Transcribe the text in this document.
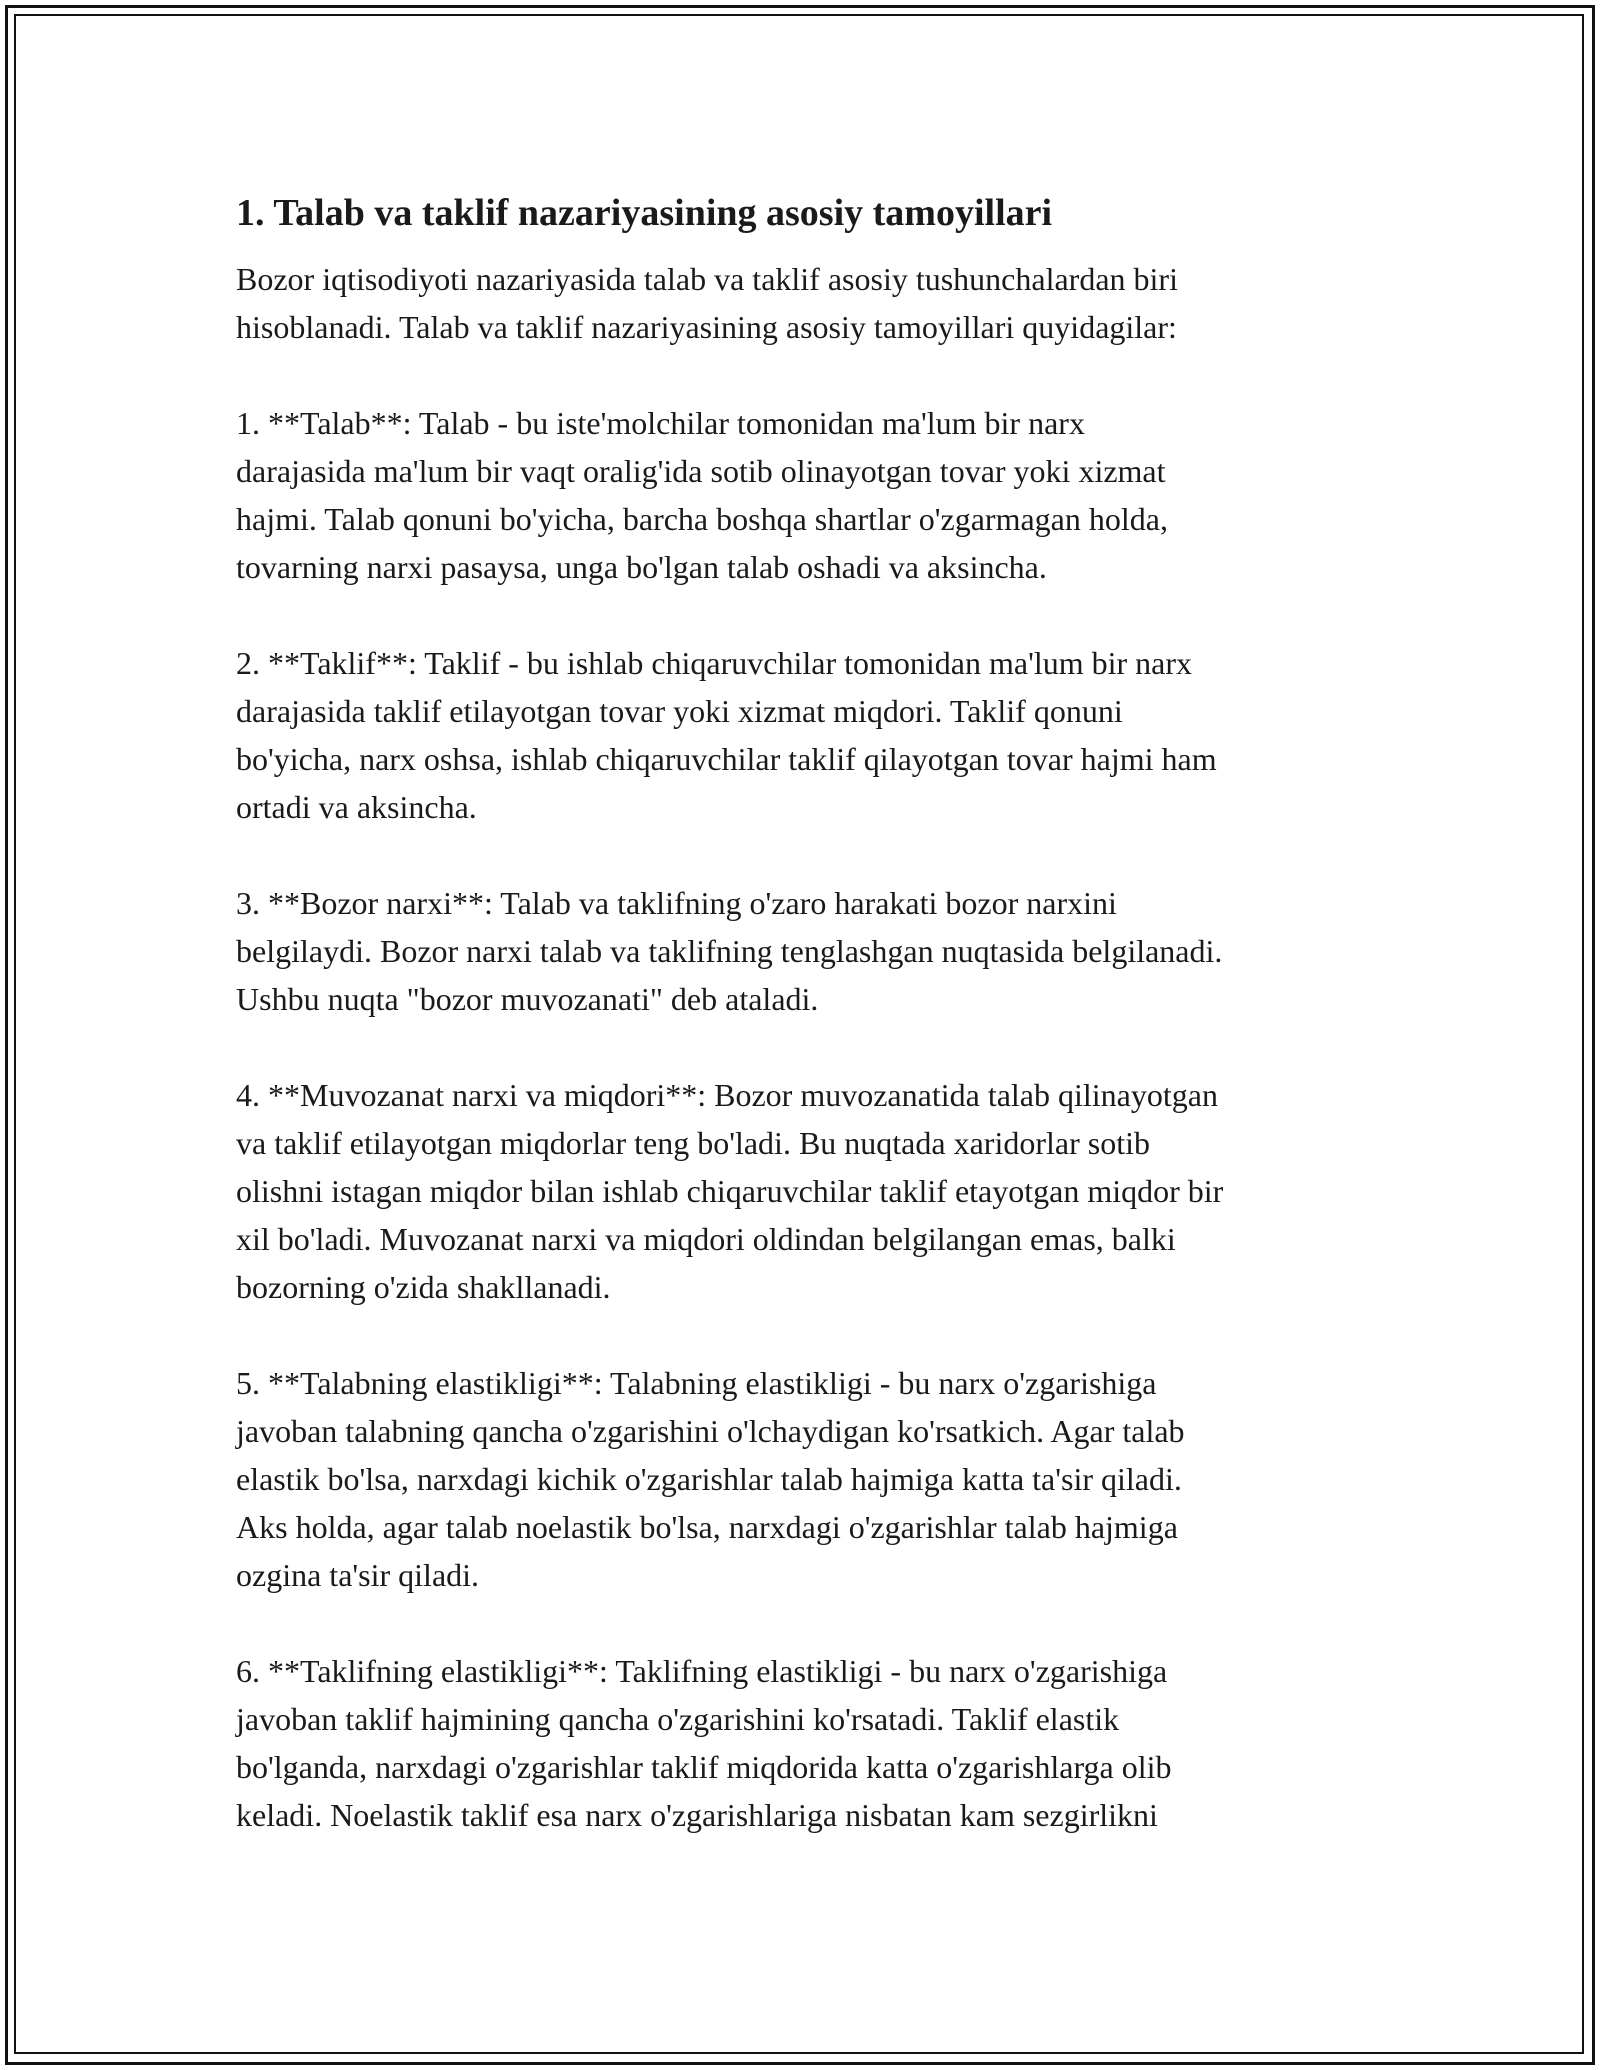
1. Talab va taklif nazariyasining asosiy tamoyillari

Bozor iqtisodiyoti nazariyasida talab va taklif asosiy tushunchalardan biri
hisoblanadi. Talab va taklif nazariyasining asosiy tamoyillari quyidagilar:

1. **Talab**: Talab - bu iste'molchilar tomonidan ma'lum bir narx
darajasida ma'lum bir vaqt oralig'ida sotib olinayotgan tovar yoki xizmat
hajmi. Talab qonuni bo'yicha, barcha boshqa shartlar o'zgarmagan holda,
tovarning narxi pasaysa, unga bo'lgan talab oshadi va aksincha.

2. **Taklif**: Taklif - bu ishlab chiqaruvchilar tomonidan ma'lum bir narx
darajasida taklif etilayotgan tovar yoki xizmat miqdori. Taklif qonuni
bo'yicha, narx oshsa, ishlab chiqaruvchilar taklif qilayotgan tovar hajmi ham
ortadi va aksincha.

3. **Bozor narxi**: Talab va taklifning o'zaro harakati bozor narxini
belgilaydi. Bozor narxi talab va taklifning tenglashgan nuqtasida belgilanadi.
Ushbu nuqta "bozor muvozanati" deb ataladi.

4. **Muvozanat narxi va miqdori**: Bozor muvozanatida talab qilinayotgan
va taklif etilayotgan miqdorlar teng bo'ladi. Bu nuqtada xaridorlar sotib
olishni istagan miqdor bilan ishlab chiqaruvchilar taklif etayotgan miqdor bir
xil bo'ladi. Muvozanat narxi va miqdori oldindan belgilangan emas, balki
bozorning o'zida shakllanadi.

5. **Talabning elastikligi**: Talabning elastikligi - bu narx o'zgarishiga
javoban talabning qancha o'zgarishini o'lchaydigan ko'rsatkich. Agar talab
elastik bo'lsa, narxdagi kichik o'zgarishlar talab hajmiga katta ta'sir qiladi.
Aks holda, agar talab noelastik bo'lsa, narxdagi o'zgarishlar talab hajmiga
ozgina ta'sir qiladi.

6. **Taklifning elastikligi**: Taklifning elastikligi - bu narx o'zgarishiga
javoban taklif hajmining qancha o'zgarishini ko'rsatadi. Taklif elastik
bo'lganda, narxdagi o'zgarishlar taklif miqdorida katta o'zgarishlarga olib
keladi. Noelastik taklif esa narx o'zgarishlariga nisbatan kam sezgirlikni
